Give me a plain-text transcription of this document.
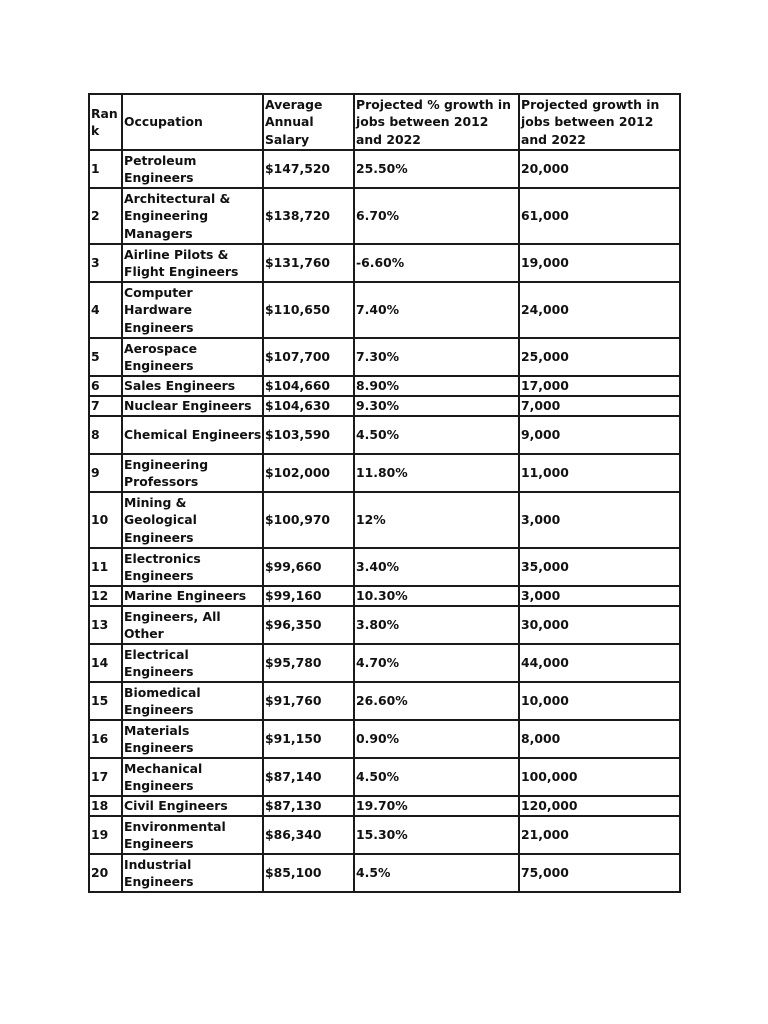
Rank	Occupation	Average Annual Salary	Projected % growth in jobs between 2012 and 2022	Projected growth in jobs between 2012 and 2022
1	Petroleum Engineers	$147,520	25.50%	20,000
2	Architectural & Engineering Managers	$138,720	6.70%	61,000
3	Airline Pilots & Flight Engineers	$131,760	-6.60%	19,000
4	Computer Hardware Engineers	$110,650	7.40%	24,000
5	Aerospace Engineers	$107,700	7.30%	25,000
6	Sales Engineers	$104,660	8.90%	17,000
7	Nuclear Engineers	$104,630	9.30%	7,000
8	Chemical Engineers	$103,590	4.50%	9,000
9	Engineering Professors	$102,000	11.80%	11,000
10	Mining & Geological Engineers	$100,970	12%	3,000
11	Electronics Engineers	$99,660	3.40%	35,000
12	Marine Engineers	$99,160	10.30%	3,000
13	Engineers, All Other	$96,350	3.80%	30,000
14	Electrical Engineers	$95,780	4.70%	44,000
15	Biomedical Engineers	$91,760	26.60%	10,000
16	Materials Engineers	$91,150	0.90%	8,000
17	Mechanical Engineers	$87,140	4.50%	100,000
18	Civil Engineers	$87,130	19.70%	120,000
19	Environmental Engineers	$86,340	15.30%	21,000
20	Industrial Engineers	$85,100	4.5%	75,000
